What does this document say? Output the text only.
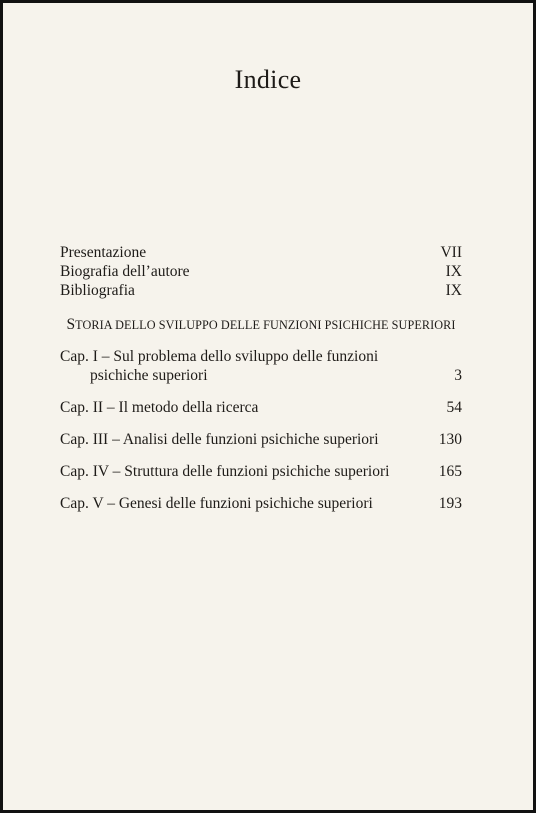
Indice
Presentazione	VII
Biografia dell’autore	IX
Bibliografia	IX
STORIA DELLO SVILUPPO DELLE FUNZIONI PSICHICHE SUPERIORI
Cap. I – Sul problema dello sviluppo delle funzioni
psichiche superiori	3
Cap. II – Il metodo della ricerca	54
Cap. III – Analisi delle funzioni psichiche superiori	130
Cap. IV – Struttura delle funzioni psichiche superiori	165
Cap. V – Genesi delle funzioni psichiche superiori	193
